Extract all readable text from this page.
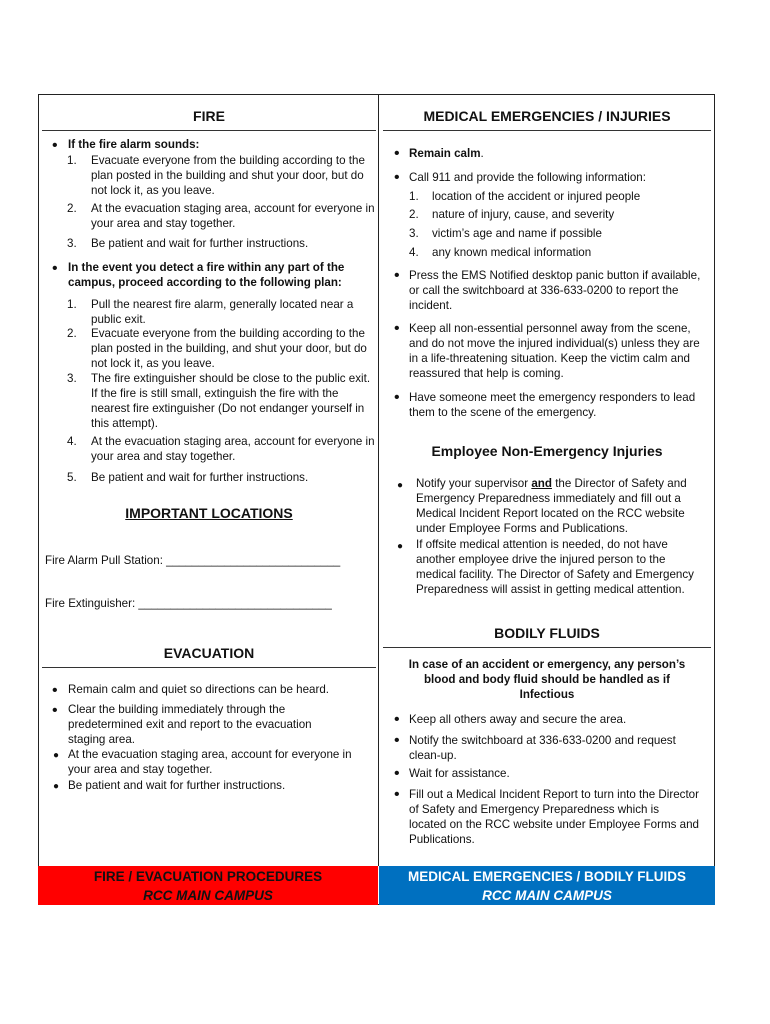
FIRE
• If the fire alarm sounds:
1. Evacuate everyone from the building according to the plan posted in the building and shut your door, but do not lock it, as you leave.
2. At the evacuation staging area, account for everyone in your area and stay together.
3. Be patient and wait for further instructions.
• In the event you detect a fire within any part of the campus, proceed according to the following plan:
1. Pull the nearest fire alarm, generally located near a public exit.
2. Evacuate everyone from the building according to the plan posted in the building, and shut your door, but do not lock it, as you leave.
3. The fire extinguisher should be close to the public exit. If the fire is still small, extinguish the fire with the nearest fire extinguisher (Do not endanger yourself in this attempt).
4. At the evacuation staging area, account for everyone in your area and stay together.
5. Be patient and wait for further instructions.
IMPORTANT LOCATIONS
Fire Alarm Pull Station: ___________________________
Fire Extinguisher: ______________________________
EVACUATION
• Remain calm and quiet so directions can be heard.
• Clear the building immediately through the predetermined exit and report to the evacuation staging area.
● At the evacuation staging area, account for everyone in your area and stay together.
● Be patient and wait for further instructions.
MEDICAL EMERGENCIES / INJURIES
• Remain calm.
• Call 911 and provide the following information:
1. location of the accident or injured people
2. nature of injury, cause, and severity
3. victim’s age and name if possible
4. any known medical information
• Press the EMS Notified desktop panic button if available, or call the switchboard at 336-633-0200 to report the incident.
• Keep all non-essential personnel away from the scene, and do not move the injured individual(s) unless they are in a life-threatening situation. Keep the victim calm and reassured that help is coming.
• Have someone meet the emergency responders to lead them to the scene of the emergency.
Employee Non-Emergency Injuries
● Notify your supervisor and the Director of Safety and Emergency Preparedness immediately and fill out a Medical Incident Report located on the RCC website under Employee Forms and Publications.
● If offsite medical attention is needed, do not have another employee drive the injured person to the medical facility. The Director of Safety and Emergency Preparedness will assist in getting medical attention.
BODILY FLUIDS
In case of an accident or emergency, any person’s blood and body fluid should be handled as if Infectious
• Keep all others away and secure the area.
• Notify the switchboard at 336-633-0200 and request clean-up.
• Wait for assistance.
• Fill out a Medical Incident Report to turn into the Director of Safety and Emergency Preparedness which is located on the RCC website under Employee Forms and Publications.
FIRE / EVACUATION PROCEDURES
RCC MAIN CAMPUS
MEDICAL EMERGENCIES / BODILY FLUIDS
RCC MAIN CAMPUS
